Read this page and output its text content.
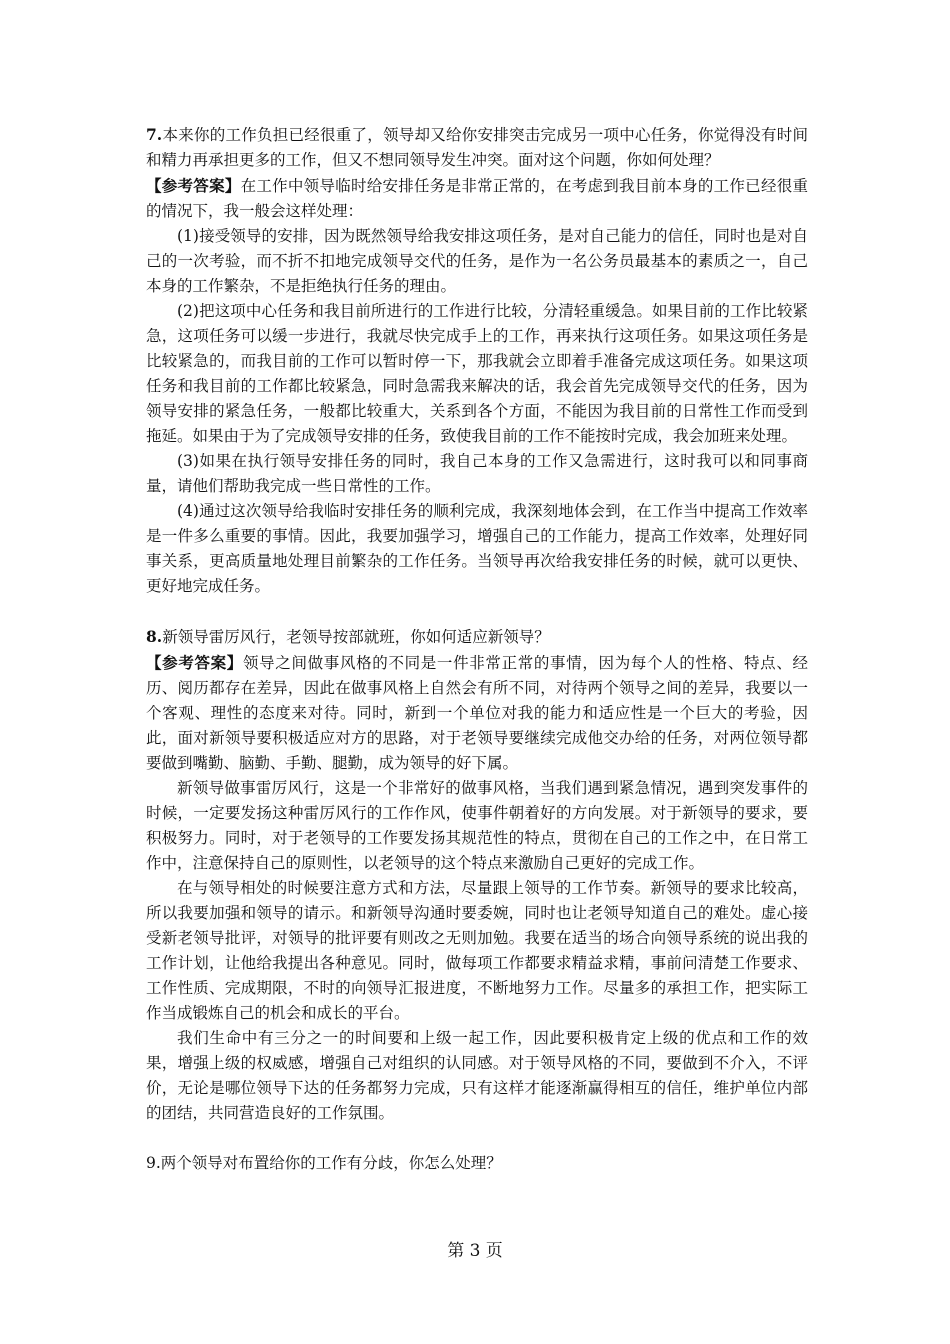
7.本来你的工作负担已经很重了，领导却又给你安排突击完成另一项中心任务，你觉得没有时间和精力再承担更多的工作，但又不想同领导发生冲突。面对这个问题，你如何处理？

【参考答案】在工作中领导临时给安排任务是非常正常的，在考虑到我目前本身的工作已经很重的情况下，我一般会这样处理：

(1)接受领导的安排，因为既然领导给我安排这项任务，是对自己能力的信任，同时也是对自己的一次考验，而不折不扣地完成领导交代的任务，是作为一名公务员最基本的素质之一，自己本身的工作繁杂，不是拒绝执行任务的理由。

(2)把这项中心任务和我目前所进行的工作进行比较，分清轻重缓急。如果目前的工作比较紧急，这项任务可以缓一步进行，我就尽快完成手上的工作，再来执行这项任务。如果这项任务是比较紧急的，而我目前的工作可以暂时停一下，那我就会立即着手准备完成这项任务。如果这项任务和我目前的工作都比较紧急，同时急需我来解决的话，我会首先完成领导交代的任务，因为领导安排的紧急任务，一般都比较重大，关系到各个方面，不能因为我目前的日常性工作而受到拖延。如果由于为了完成领导安排的任务，致使我目前的工作不能按时完成，我会加班来处理。

(3)如果在执行领导安排任务的同时，我自己本身的工作又急需进行，这时我可以和同事商量，请他们帮助我完成一些日常性的工作。

(4)通过这次领导给我临时安排任务的顺利完成，我深刻地体会到，在工作当中提高工作效率是一件多么重要的事情。因此，我要加强学习，增强自己的工作能力，提高工作效率，处理好同事关系，更高质量地处理目前繁杂的工作任务。当领导再次给我安排任务的时候，就可以更快、更好地完成任务。

8.新领导雷厉风行，老领导按部就班，你如何适应新领导？

【参考答案】领导之间做事风格的不同是一件非常正常的事情，因为每个人的性格、特点、经历、阅历都存在差异，因此在做事风格上自然会有所不同，对待两个领导之间的差异，我要以一个客观、理性的态度来对待。同时，新到一个单位对我的能力和适应性是一个巨大的考验，因此，面对新领导要积极适应对方的思路，对于老领导要继续完成他交办给的任务，对两位领导都要做到嘴勤、脑勤、手勤、腿勤，成为领导的好下属。

新领导做事雷厉风行，这是一个非常好的做事风格，当我们遇到紧急情况，遇到突发事件的时候，一定要发扬这种雷厉风行的工作作风，使事件朝着好的方向发展。对于新领导的要求，要积极努力。同时，对于老领导的工作要发扬其规范性的特点，贯彻在自己的工作之中，在日常工作中，注意保持自己的原则性，以老领导的这个特点来激励自己更好的完成工作。

在与领导相处的时候要注意方式和方法，尽量跟上领导的工作节奏。新领导的要求比较高，所以我要加强和领导的请示。和新领导沟通时要委婉，同时也让老领导知道自己的难处。虚心接受新老领导批评，对领导的批评要有则改之无则加勉。我要在适当的场合向领导系统的说出我的工作计划，让他给我提出各种意见。同时，做每项工作都要求精益求精，事前问清楚工作要求、工作性质、完成期限，不时的向领导汇报进度，不断地努力工作。尽量多的承担工作，把实际工作当成锻炼自己的机会和成长的平台。

我们生命中有三分之一的时间要和上级一起工作，因此要积极肯定上级的优点和工作的效果，增强上级的权威感，增强自己对组织的认同感。对于领导风格的不同，要做到不介入，不评价，无论是哪位领导下达的任务都努力完成，只有这样才能逐渐赢得相互的信任，维护单位内部的团结，共同营造良好的工作氛围。

9.两个领导对布置给你的工作有分歧，你怎么处理？

第 3 页
